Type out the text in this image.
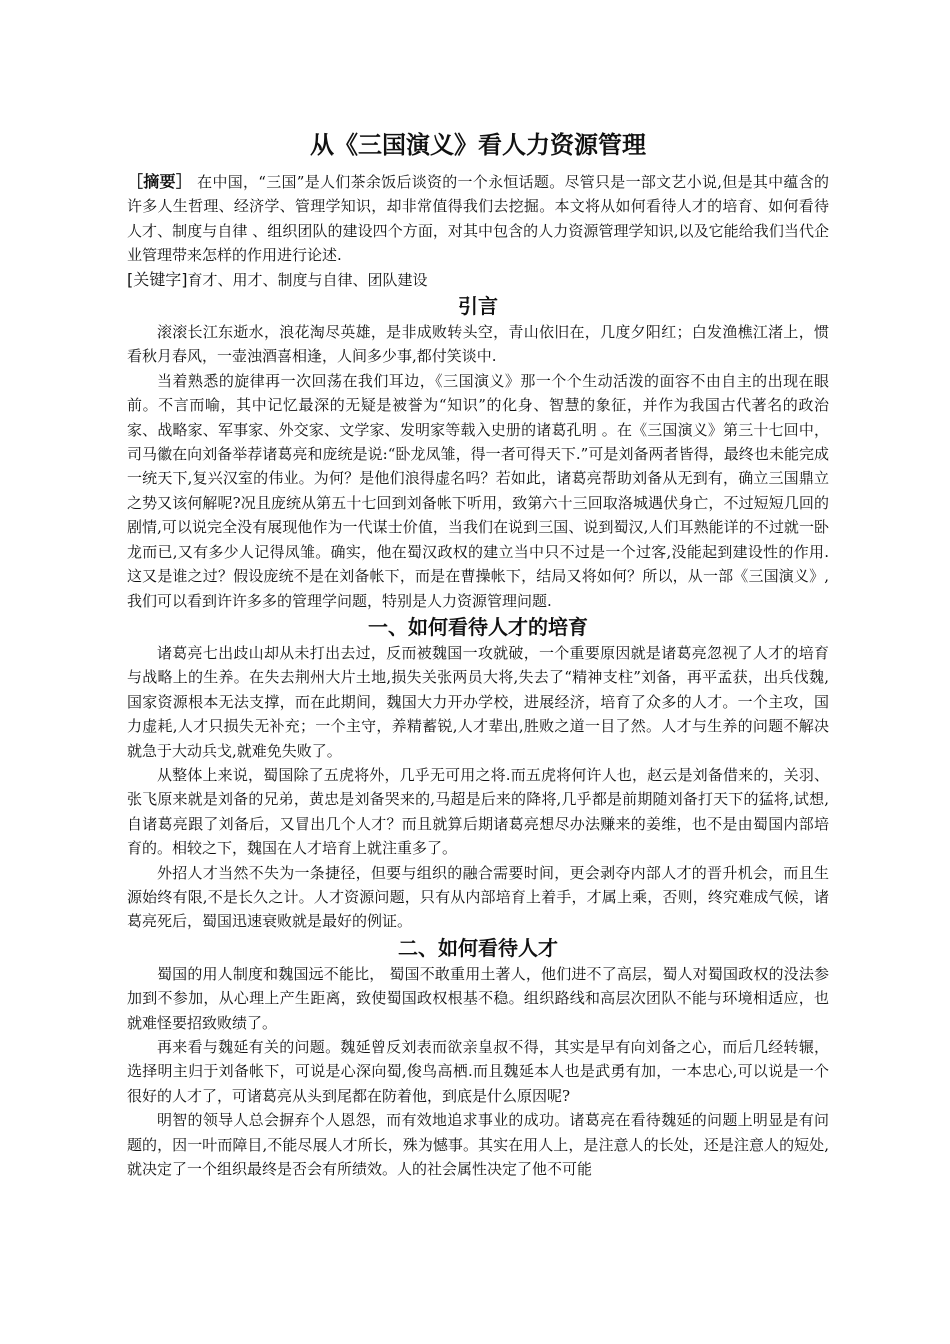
从《三国演义》看人力资源管理

［摘要］ 在中国，“三国”是人们茶余饭后谈资的一个永恒话题。尽管只是一部文艺小说,但是其中蕴含的许多人生哲理、经济学、管理学知识，却非常值得我们去挖掘。本文将从如何看待人才的培育、如何看待人才、制度与自律 、组织团队的建设四个方面，对其中包含的人力资源管理学知识,以及它能给我们当代企业管理带来怎样的作用进行论述.

[关键字]育才、用才、制度与自律、团队建设

引言

滚滚长江东逝水，浪花淘尽英雄，是非成败转头空，青山依旧在，几度夕阳红；白发渔樵江渚上，惯看秋月春风，一壶浊酒喜相逢，人间多少事,都付笑谈中.

当着熟悉的旋律再一次回荡在我们耳边，《三国演义》那一个个生动活泼的面容不由自主的出现在眼前。不言而喻，其中记忆最深的无疑是被誉为“知识”的化身、智慧的象征，并作为我国古代著名的政治家、战略家、军事家、外交家、文学家、发明家等载入史册的诸葛孔明 。在《三国演义》第三十七回中，司马徽在向刘备举荐诸葛亮和庞统是说:“卧龙凤雏，得一者可得天下.”可是刘备两者皆得，最终也未能完成一统天下,复兴汉室的伟业。为何？是他们浪得虚名吗？若如此，诸葛亮帮助刘备从无到有，确立三国鼎立之势又该何解呢?况且庞统从第五十七回到刘备帐下听用，致第六十三回取洛城遇伏身亡，不过短短几回的剧情,可以说完全没有展现他作为一代谋士价值，当我们在说到三国、说到蜀汉,人们耳熟能详的不过就一卧龙而已,又有多少人记得凤雏。确实，他在蜀汉政权的建立当中只不过是一个过客,没能起到建设性的作用.这又是谁之过？假设庞统不是在刘备帐下，而是在曹操帐下，结局又将如何？所以，从一部《三国演义》,我们可以看到许许多多的管理学问题，特别是人力资源管理问题.

一、如何看待人才的培育

诸葛亮七出歧山却从未打出去过，反而被魏国一攻就破，一个重要原因就是诸葛亮忽视了人才的培育与战略上的生养。在失去荆州大片土地,损失关张两员大将,失去了“精神支柱”刘备，再平孟获，出兵伐魏,国家资源根本无法支撑，而在此期间，魏国大力开办学校，进展经济，培育了众多的人才。一个主攻，国力虚耗,人才只损失无补充；一个主守，养精蓄锐,人才辈出,胜败之道一目了然。人才与生养的问题不解决就急于大动兵戈,就难免失败了。

从整体上来说，蜀国除了五虎将外，几乎无可用之将.而五虎将何许人也，赵云是刘备借来的，关羽、张飞原来就是刘备的兄弟，黄忠是刘备哭来的,马超是后来的降将,几乎都是前期随刘备打天下的猛将,试想,自诸葛亮跟了刘备后，又冒出几个人才？而且就算后期诸葛亮想尽办法赚来的姜维，也不是由蜀国内部培育的。相较之下，魏国在人才培育上就注重多了。

外招人才当然不失为一条捷径，但要与组织的融合需要时间，更会剥夺内部人才的晋升机会，而且生源始终有限,不是长久之计。人才资源问题，只有从内部培育上着手，才属上乘，否则，终究难成气候，诸葛亮死后，蜀国迅速衰败就是最好的例证。

二、如何看待人才

蜀国的用人制度和魏国远不能比， 蜀国不敢重用土著人，他们进不了高层，蜀人对蜀国政权的没法参加到不参加，从心理上产生距离，致使蜀国政权根基不稳。组织路线和高层次团队不能与环境相适应，也就难怪要招致败绩了。

再来看与魏延有关的问题。魏延曾反刘表而欲亲皇叔不得，其实是早有向刘备之心，而后几经转辗，选择明主归于刘备帐下，可说是心深向蜀,俊鸟高栖.而且魏延本人也是武勇有加，一本忠心,可以说是一个很好的人才了，可诸葛亮从头到尾都在防着他，到底是什么原因呢?

明智的领导人总会摒弃个人恩怨，而有效地追求事业的成功。诸葛亮在看待魏延的问题上明显是有问题的，因一叶而障目,不能尽展人才所长，殊为憾事。其实在用人上，是注意人的长处，还是注意人的短处,就决定了一个组织最终是否会有所绩效。人的社会属性决定了他不可能
